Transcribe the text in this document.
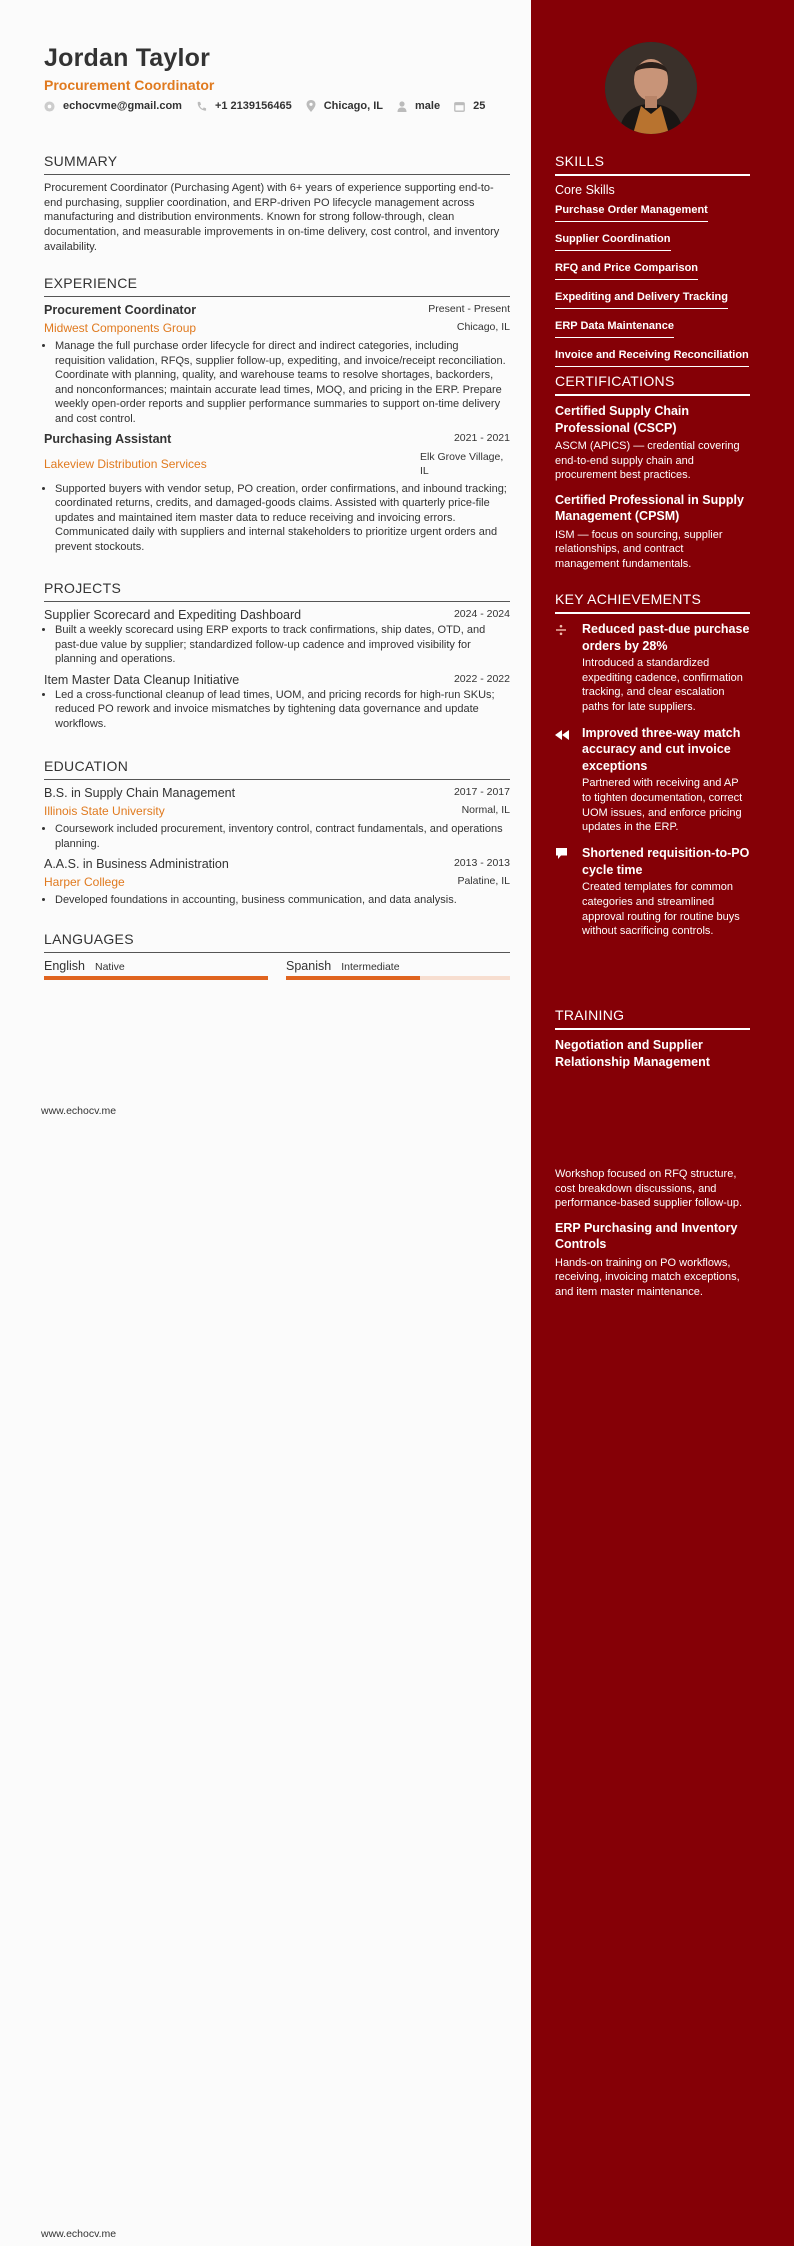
Jordan Taylor
Procurement Coordinator
echocvme@gmail.com	+1 2139156465	Chicago, IL	male	25
SUMMARY
Procurement Coordinator (Purchasing Agent) with 6+ years of experience supporting end-to-end purchasing, supplier coordination, and ERP-driven PO lifecycle management across manufacturing and distribution environments. Known for strong follow-through, clean documentation, and measurable improvements in on-time delivery, cost control, and inventory availability.
EXPERIENCE
Procurement Coordinator	Present - Present
Midwest Components Group	Chicago, IL
• Manage the full purchase order lifecycle for direct and indirect categories, including requisition validation, RFQs, supplier follow-up, expediting, and invoice/receipt reconciliation. Coordinate with planning, quality, and warehouse teams to resolve shortages, backorders, and nonconformances; maintain accurate lead times, MOQ, and pricing in the ERP. Prepare weekly open-order reports and supplier performance summaries to support on-time delivery and cost control.
Purchasing Assistant	2021 - 2021
Lakeview Distribution Services	Elk Grove Village, IL
• Supported buyers with vendor setup, PO creation, order confirmations, and inbound tracking; coordinated returns, credits, and damaged-goods claims. Assisted with quarterly price-file updates and maintained item master data to reduce receiving and invoicing errors. Communicated daily with suppliers and internal stakeholders to prioritize urgent orders and prevent stockouts.
PROJECTS
Supplier Scorecard and Expediting Dashboard	2024 - 2024
• Built a weekly scorecard using ERP exports to track confirmations, ship dates, OTD, and past-due value by supplier; standardized follow-up cadence and improved visibility for planning and operations.
Item Master Data Cleanup Initiative	2022 - 2022
• Led a cross-functional cleanup of lead times, UOM, and pricing records for high-run SKUs; reduced PO rework and invoice mismatches by tightening data governance and update workflows.
EDUCATION
B.S. in Supply Chain Management	2017 - 2017
Illinois State University	Normal, IL
• Coursework included procurement, inventory control, contract fundamentals, and operations planning.
A.A.S. in Business Administration	2013 - 2013
Harper College	Palatine, IL
• Developed foundations in accounting, business communication, and data analysis.
LANGUAGES
English Native	Spanish Intermediate
www.echocv.me
www.echocv.me
SKILLS
Core Skills
Purchase Order Management
Supplier Coordination
RFQ and Price Comparison
Expediting and Delivery Tracking
ERP Data Maintenance
Invoice and Receiving Reconciliation
CERTIFICATIONS
Certified Supply Chain Professional (CSCP)
ASCM (APICS) — credential covering end-to-end supply chain and procurement best practices.
Certified Professional in Supply Management (CPSM)
ISM — focus on sourcing, supplier relationships, and contract management fundamentals.
KEY ACHIEVEMENTS
Reduced past-due purchase orders by 28%
Introduced a standardized expediting cadence, confirmation tracking, and clear escalation paths for late suppliers.
Improved three-way match accuracy and cut invoice exceptions
Partnered with receiving and AP to tighten documentation, correct UOM issues, and enforce pricing updates in the ERP.
Shortened requisition-to-PO cycle time
Created templates for common categories and streamlined approval routing for routine buys without sacrificing controls.
TRAINING
Negotiation and Supplier Relationship Management
Workshop focused on RFQ structure, cost breakdown discussions, and performance-based supplier follow-up.
ERP Purchasing and Inventory Controls
Hands-on training on PO workflows, receiving, invoicing match exceptions, and item master maintenance.
